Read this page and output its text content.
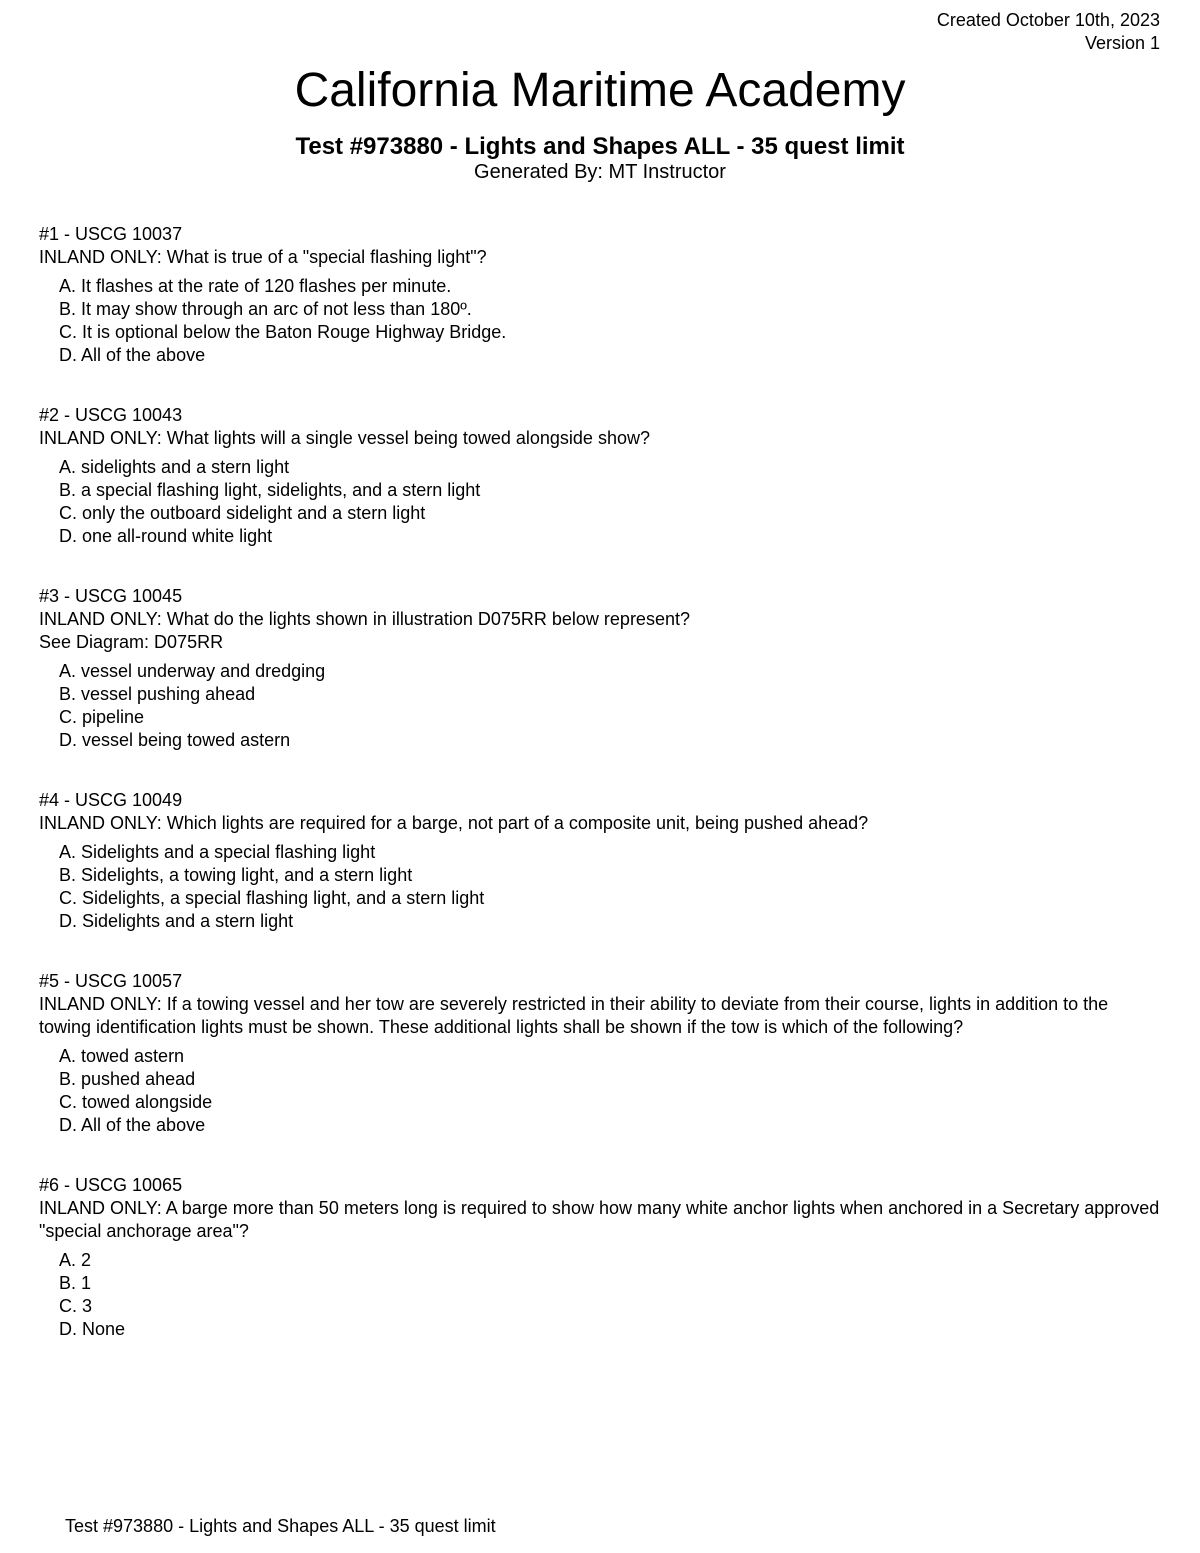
Created October 10th, 2023
Version 1
California Maritime Academy
Test #973880 - Lights and Shapes ALL - 35 quest limit
Generated By: MT Instructor
#1 - USCG 10037
INLAND ONLY: What is true of a "special flashing light"?
A. It flashes at the rate of 120 flashes per minute.
B. It may show through an arc of not less than 180º.
C. It is optional below the Baton Rouge Highway Bridge.
D. All of the above
#2 - USCG 10043
INLAND ONLY: What lights will a single vessel being towed alongside show?
A. sidelights and a stern light
B. a special flashing light, sidelights, and a stern light
C. only the outboard sidelight and a stern light
D. one all-round white light
#3 - USCG 10045
INLAND ONLY: What do the lights shown in illustration D075RR below represent?
See Diagram: D075RR
A. vessel underway and dredging
B. vessel pushing ahead
C. pipeline
D. vessel being towed astern
#4 - USCG 10049
INLAND ONLY: Which lights are required for a barge, not part of a composite unit, being pushed ahead?
A. Sidelights and a special flashing light
B. Sidelights, a towing light, and a stern light
C. Sidelights, a special flashing light, and a stern light
D. Sidelights and a stern light
#5 - USCG 10057
INLAND ONLY: If a towing vessel and her tow are severely restricted in their ability to deviate from their course, lights in addition to the towing identification lights must be shown. These additional lights shall be shown if the tow is which of the following?
A. towed astern
B. pushed ahead
C. towed alongside
D. All of the above
#6 - USCG 10065
INLAND ONLY: A barge more than 50 meters long is required to show how many white anchor lights when anchored in a Secretary approved "special anchorage area"?
A. 2
B. 1
C. 3
D. None
Test #973880 - Lights and Shapes ALL - 35 quest limit
